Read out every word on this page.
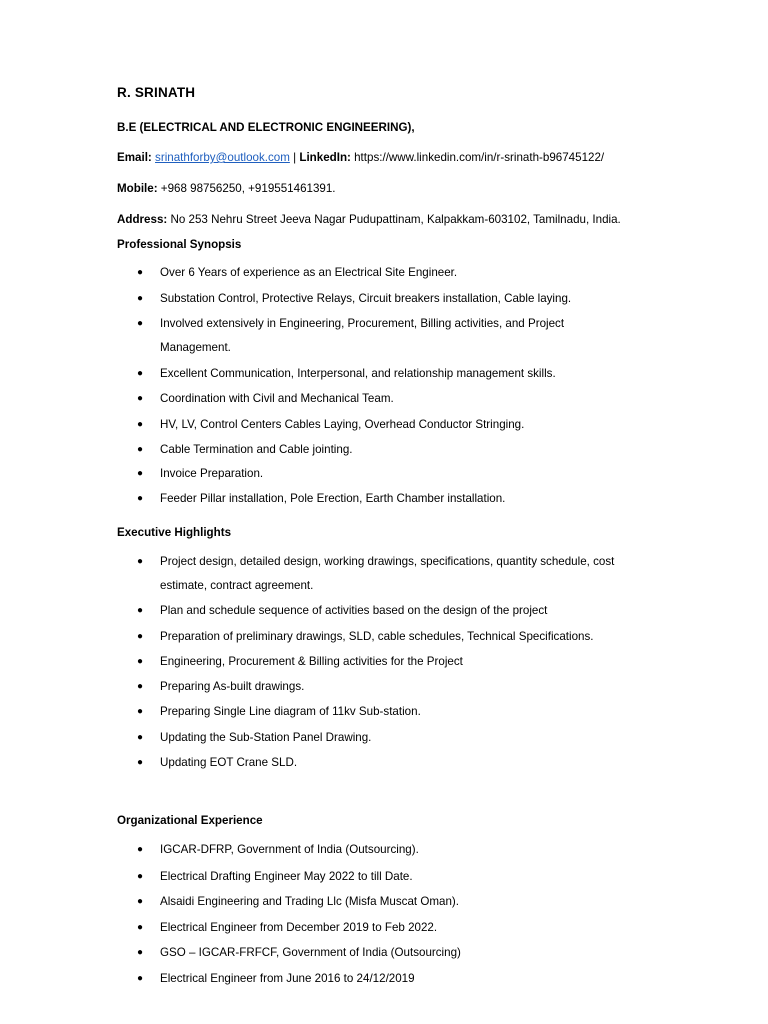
R. SRINATH
B.E (ELECTRICAL AND ELECTRONIC ENGINEERING),
Email: srinathforby@outlook.com | LinkedIn: https://www.linkedin.com/in/r-srinath-b96745122/
Mobile: +968 98756250, +919551461391.
Address: No 253 Nehru Street Jeeva Nagar Pudupattinam, Kalpakkam-603102, Tamilnadu, India.
Professional Synopsis
● Over 6 Years of experience as an Electrical Site Engineer.
● Substation Control, Protective Relays, Circuit breakers installation, Cable laying.
● Involved extensively in Engineering, Procurement, Billing activities, and Project
Management.
● Excellent Communication, Interpersonal, and relationship management skills.
● Coordination with Civil and Mechanical Team.
● HV, LV, Control Centers Cables Laying, Overhead Conductor Stringing.
● Cable Termination and Cable jointing.
● Invoice Preparation.
● Feeder Pillar installation, Pole Erection, Earth Chamber installation.
Executive Highlights
● Project design, detailed design, working drawings, specifications, quantity schedule, cost
estimate, contract agreement.
● Plan and schedule sequence of activities based on the design of the project
● Preparation of preliminary drawings, SLD, cable schedules, Technical Specifications.
● Engineering, Procurement & Billing activities for the Project
● Preparing As-built drawings.
● Preparing Single Line diagram of 11kv Sub-station.
● Updating the Sub-Station Panel Drawing.
● Updating EOT Crane SLD.
Organizational Experience
● IGCAR-DFRP, Government of India (Outsourcing).
● Electrical Drafting Engineer May 2022 to till Date.
● Alsaidi Engineering and Trading Llc (Misfa Muscat Oman).
● Electrical Engineer from December 2019 to Feb 2022.
● GSO – IGCAR-FRFCF, Government of India (Outsourcing)
● Electrical Engineer from June 2016 to 24/12/2019
